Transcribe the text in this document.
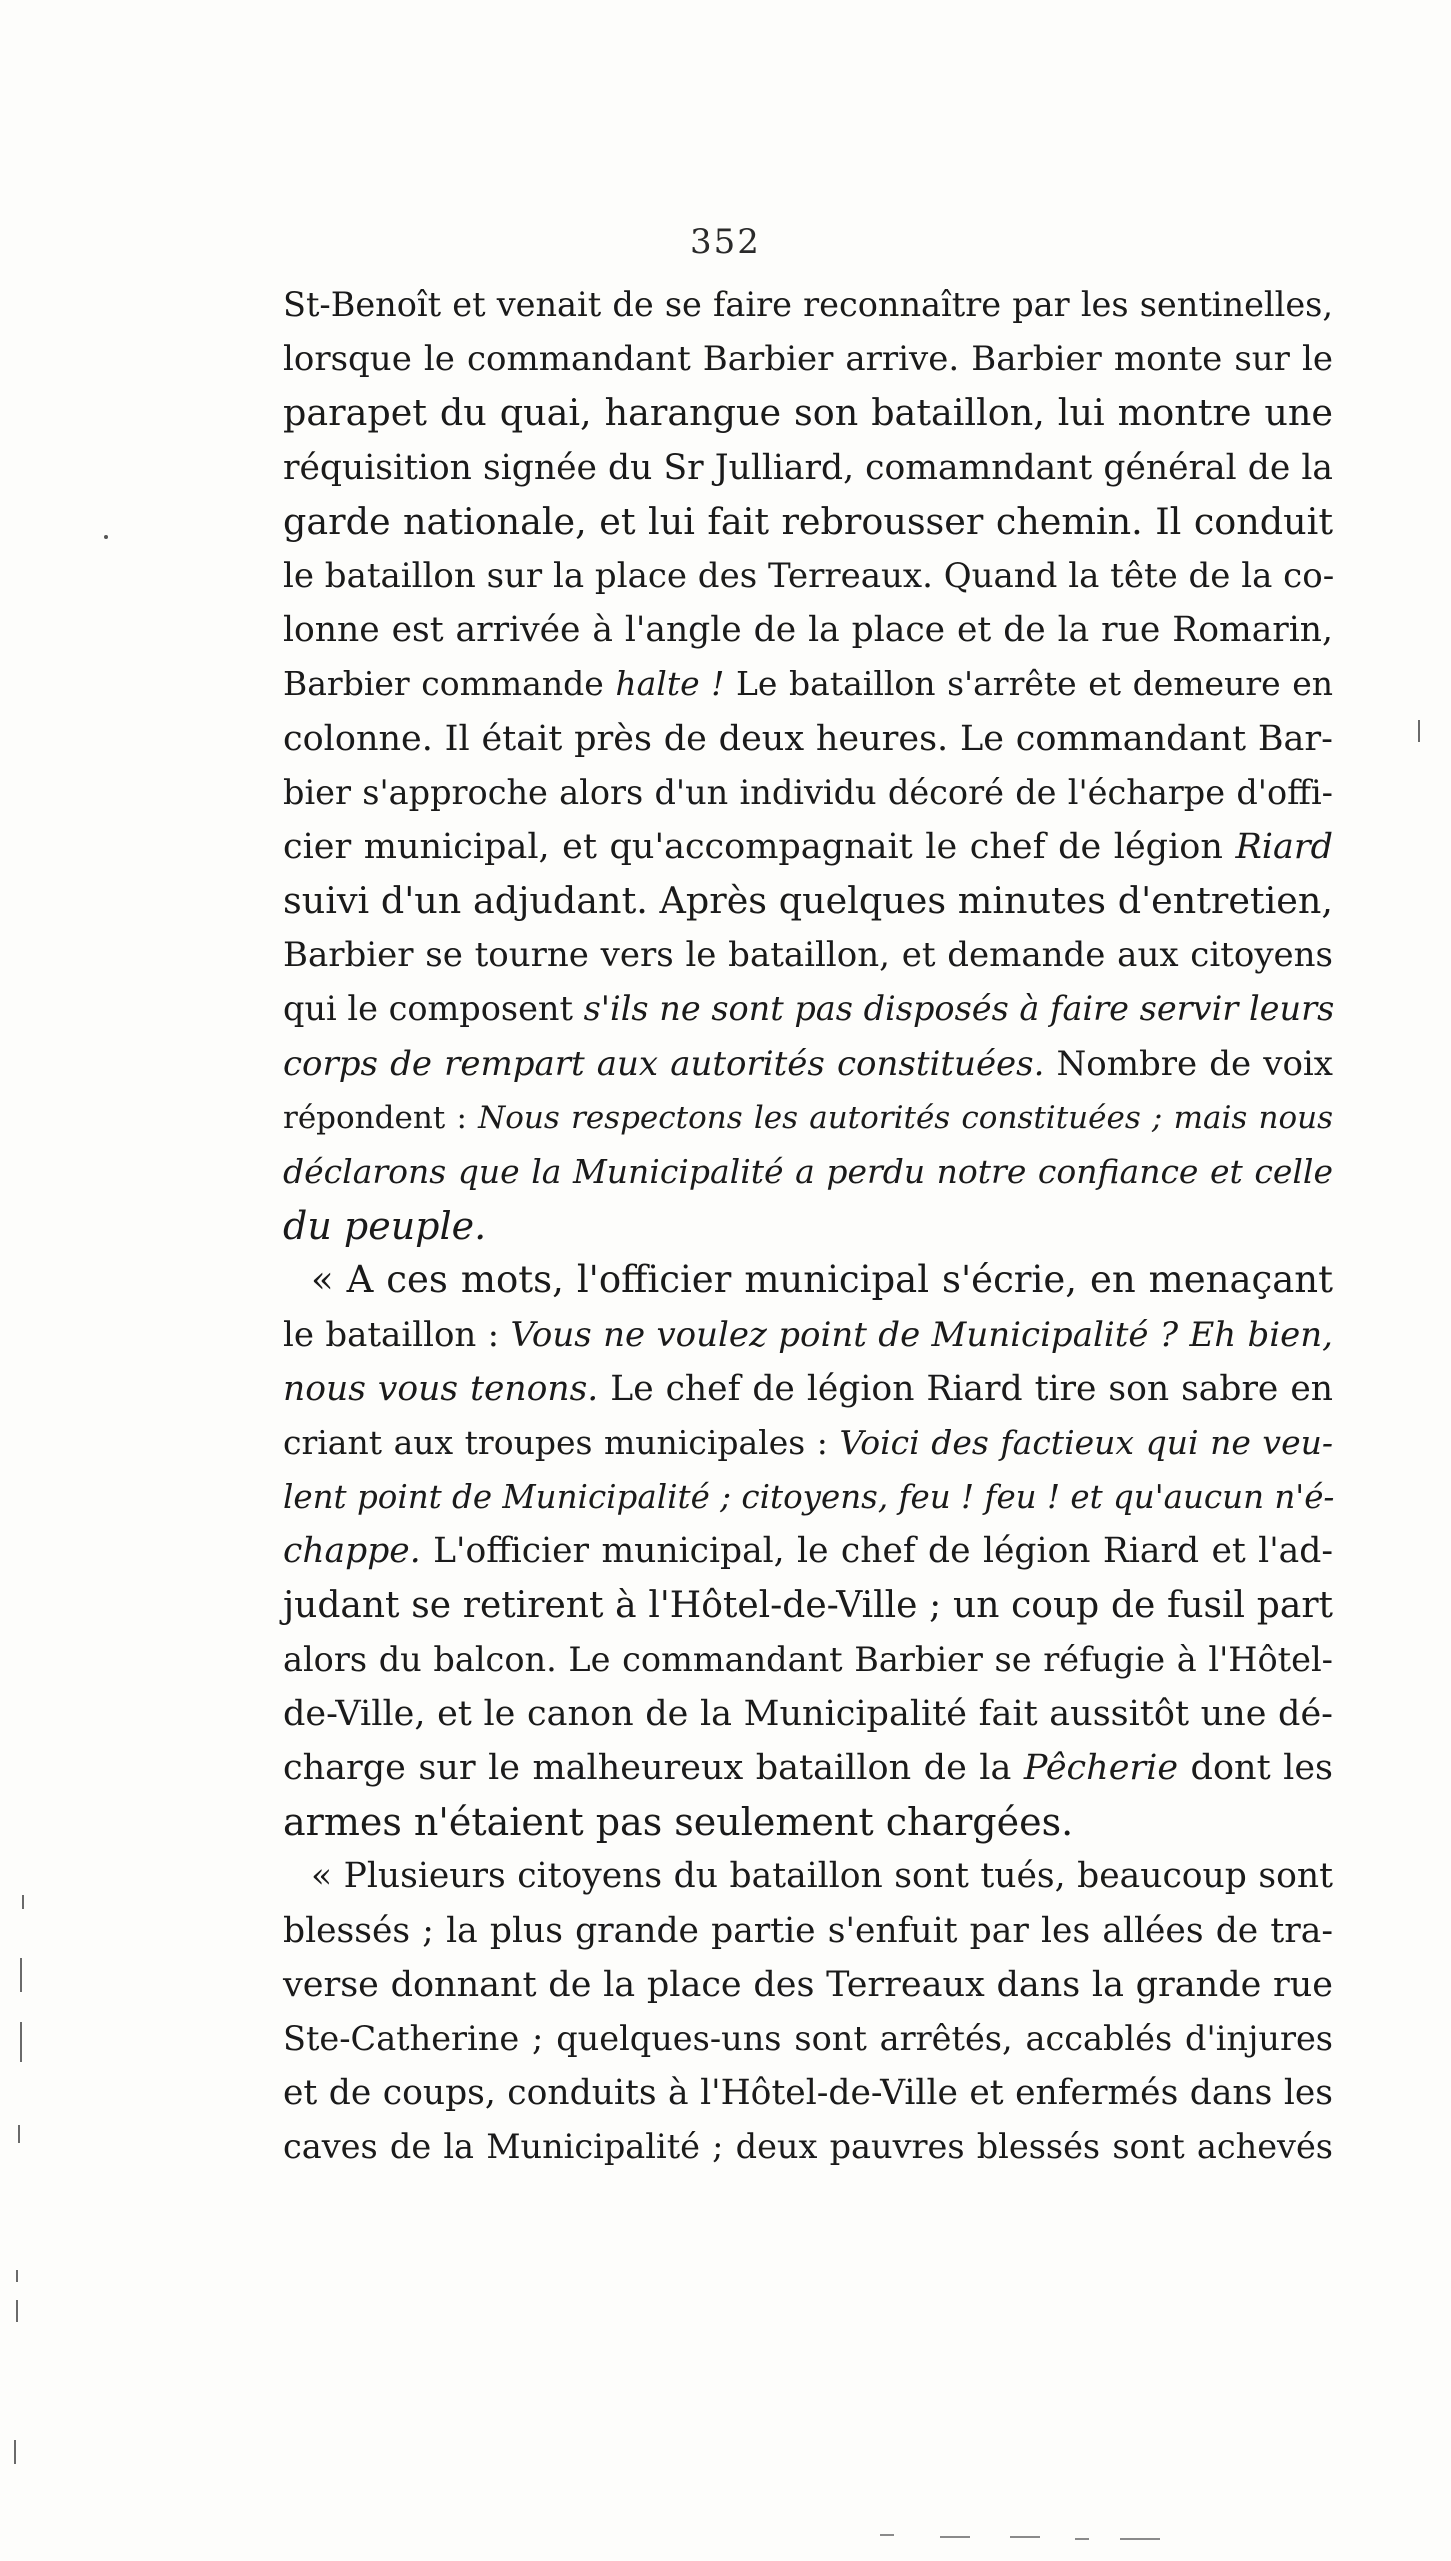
352
St-Benoît et venait de se faire reconnaître par les sentinelles,
lorsque le commandant Barbier arrive. Barbier monte sur le
parapet du quai, harangue son bataillon, lui montre une
réquisition signée du Sr Julliard, comamndant général de la
garde nationale, et lui fait rebrousser chemin. Il conduit
le bataillon sur la place des Terreaux. Quand la tête de la co-
lonne est arrivée à l'angle de la place et de la rue Romarin,
Barbier commande halte ! Le bataillon s'arrête et demeure en
colonne. Il était près de deux heures. Le commandant Bar-
bier s'approche alors d'un individu décoré de l'écharpe d'offi-
cier municipal, et qu'accompagnait le chef de légion Riard
suivi d'un adjudant. Après quelques minutes d'entretien,
Barbier se tourne vers le bataillon, et demande aux citoyens
qui le composent s'ils ne sont pas disposés à faire servir leurs
corps de rempart aux autorités constituées. Nombre de voix
répondent : Nous respectons les autorités constituées ; mais nous
déclarons que la Municipalité a perdu notre confiance et celle
du peuple.
« A ces mots, l'officier municipal s'écrie, en menaçant
le bataillon : Vous ne voulez point de Municipalité ? Eh bien,
nous vous tenons. Le chef de légion Riard tire son sabre en
criant aux troupes municipales : Voici des factieux qui ne veu-
lent point de Municipalité ; citoyens, feu ! feu ! et qu'aucun n'é-
chappe. L'officier municipal, le chef de légion Riard et l'ad-
judant se retirent à l'Hôtel-de-Ville ; un coup de fusil part
alors du balcon. Le commandant Barbier se réfugie à l'Hôtel-
de-Ville, et le canon de la Municipalité fait aussitôt une dé-
charge sur le malheureux bataillon de la Pêcherie dont les
armes n'étaient pas seulement chargées.
« Plusieurs citoyens du bataillon sont tués, beaucoup sont
blessés ; la plus grande partie s'enfuit par les allées de tra-
verse donnant de la place des Terreaux dans la grande rue
Ste-Catherine ; quelques-uns sont arrêtés, accablés d'injures
et de coups, conduits à l'Hôtel-de-Ville et enfermés dans les
caves de la Municipalité ; deux pauvres blessés sont achevés
